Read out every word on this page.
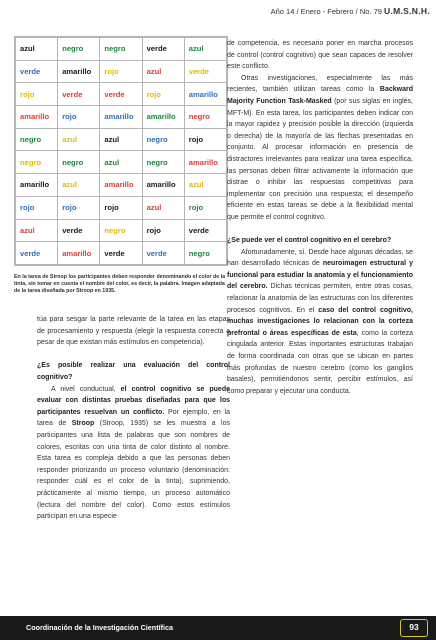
Año 14 / Enero - Febrero / No. 79 U.M.S.N.H.
azul	negro	negro	verde	azul
verde	amarillo	rojo	azul	verde
rojo	verde	verde	rojo	amarillo
amarillo	rojo	amarillo	amarillo	negro
negro	azul	azul	negro	rojo
negro	negro	azul	negro	amarillo
amarillo	azul	amarillo	amarillo	azul
rojo	rojo	rojo	azul	rojo
azul	verde	negro	rojo	verde
verde	amarillo	verde	verde	negro
En la tarea de Stroop los participantes deben responder denominando el color de la tinta, sin tomar en cuenta el nombre del color, es decir, la palabra. Imagen adaptada de la tarea diseñada por Stroop en 1935.

túa para sesgar la parte relevante de la tarea en las etapas de procesamiento y respuesta (elegir la respuesta correcta a pesar de que existan más estímulos en competencia).

¿Es posible realizar una evaluación del control cognitivo?

A nivel conductual, el control cognitivo se puede evaluar con distintas pruebas diseñadas para que los participantes resuelvan un conflicto. Por ejemplo, en la tarea de Stroop (Stroop, 1935) se les muestra a los participantes una lista de palabras que son nombres de colores, escritas con una tinta de color distinto al nombre. Esta tarea es compleja debido a que las personas deben responder priorizando un proceso voluntario (denominación: responder cuál es el color de la tinta), suprimiendo, prácticamente al mismo tiempo, un proceso automático (lectura del nombre del color). Como estos estímulos participan en una especie

de competencia, es necesario poner en marcha procesos de control (control cognitivo) que sean capaces de resolver este conflicto.

Otras investigaciones, especialmente las más recientes, también utilizan tareas como la Backward Majority Function Task-Masked (por sus siglas en inglés, MFT-M). En esta tarea, los participantes deben indicar con la mayor rapidez y precisión posible la dirección (izquierda o derecha) de la mayoría de las flechas presentadas en conjunto. Al procesar información en presencia de distractores irrelevantes para realizar una tarea específica, las personas deben filtrar activamente la información que distrae o inhibir las respuestas competitivas para implementar con precisión una respuesta; el desempeño eficiente en estas tareas se debe a la flexibilidad mental que permite el control cognitivo.

¿Se puede ver el control cognitivo en el cerebro?

Afortunadamente, sí. Desde hace algunas décadas, se han desarrollado técnicas de neuroimagen estructural y funcional para estudiar la anatomía y el funcionamiento del cerebro. Dichas técnicas permiten, entre otras cosas, relacionar la anatomía de las estructuras con los diferentes procesos cognitivos. En el caso del control cognitivo, muchas investigaciones lo relacionan con la corteza prefrontal o áreas específicas de esta, como la corteza cingulada anterior. Estas importantes estructuras trabajan de forma coordinada con otras que se ubican en partes más profundas de nuestro cerebro (como los ganglios basales), permitiéndonos sentir, percibir estímulos, así como preparar y ejecutar una conducta.

Coordinación de la Investigación Científica	93
